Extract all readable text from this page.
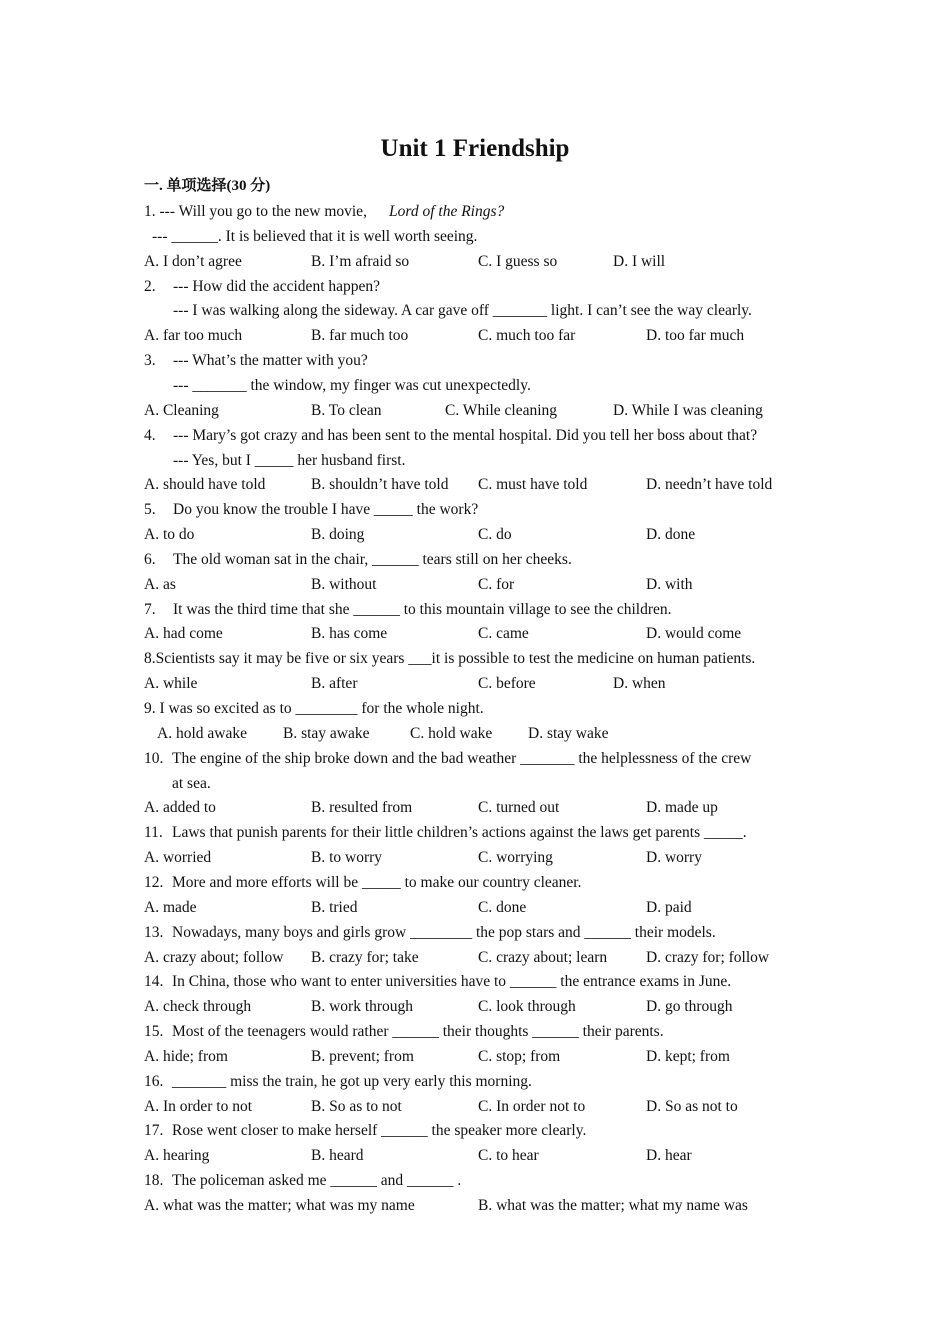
Unit 1 Friendship
一. 单项选择(30 分)
1. --- Will you go to the new movie, Lord of the Rings?
--- ______. It is believed that it is well worth seeing.
A. I don’t agree	B. I’m afraid so	C. I guess so	D. I will
2. --- How did the accident happen?
--- I was walking along the sideway. A car gave off _______ light. I can’t see the way clearly.
A. far too much	B. far much too	C. much too far	D. too far much
3. --- What’s the matter with you?
--- _______ the window, my finger was cut unexpectedly.
A. Cleaning	B. To clean	C. While cleaning	D. While I was cleaning
4. --- Mary’s got crazy and has been sent to the mental hospital. Did you tell her boss about that?
--- Yes, but I _____ her husband first.
A. should have told	B. shouldn’t have told C. must have told	D. needn’t have told
5. Do you know the trouble I have _____ the work?
A. to do	B. doing	C. do	D. done
6. The old woman sat in the chair, ______ tears still on her cheeks.
A. as	B. without	C. for	D. with
7. It was the third time that she ______ to this mountain village to see the children.
A. had come	B. has come	C. came	D. would come
8.Scientists say it may be five or six years ___it is possible to test the medicine on human patients.
A. while	B. after	C. before	D. when
9. I was so excited as to ________ for the whole night.
A. hold awake B. stay awake	C. hold wake D. stay wake
10. The engine of the ship broke down and the bad weather _______ the helplessness of the crew
at sea.
A. added to	B. resulted from	C. turned out	D. made up
11. Laws that punish parents for their little children’s actions against the laws get parents _____.
A. worried	B. to worry	C. worrying	D. worry
12. More and more efforts will be _____ to make our country cleaner.
A. made	B. tried	C. done	D. paid
13. Nowadays, many boys and girls grow ________ the pop stars and ______ their models.
A. crazy about; follow B. crazy for; take	C. crazy about; learn	D. crazy for; follow
14. In China, those who want to enter universities have to ______ the entrance exams in June.
A. check through	B. work through	C. look through	D. go through
15. Most of the teenagers would rather ______ their thoughts ______ their parents.
A. hide; from	B. prevent; from	C. stop; from	D. kept; from
16. _______ miss the train, he got up very early this morning.
A. In order to not	B. So as to not	C. In order not to	D. So as not to
17. Rose went closer to make herself ______ the speaker more clearly.
A. hearing	B. heard	C. to hear	D. hear
18. The policeman asked me ______ and ______ .
A. what was the matter; what was my name	B. what was the matter; what my name was
